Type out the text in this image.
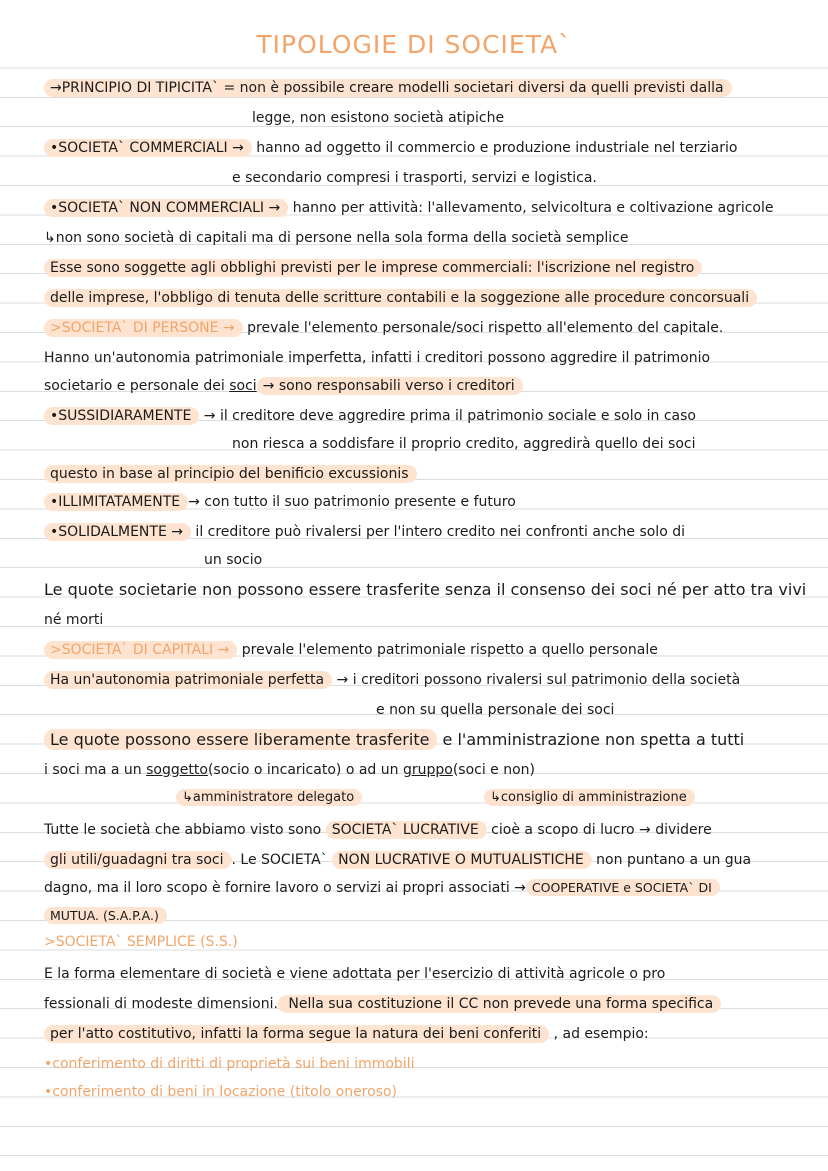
TIPOLOGIE DI SOCIETA`
→PRINCIPIO DI TIPICITA` = non è possibile creare modelli societari diversi da quelli previsti dalla
legge, non esistono società atipiche
•SOCIETA` COMMERCIALI → hanno ad oggetto il commercio e produzione industriale nel terziario
e secondario compresi i trasporti, servizi e logistica.
•SOCIETA` NON COMMERCIALI → hanno per attività: l'allevamento, selvicoltura e coltivazione agricole
↳non sono società di capitali ma di persone nella sola forma della società semplice
Esse sono soggette agli obblighi previsti per le imprese commerciali: l'iscrizione nel registro
delle imprese, l'obbligo di tenuta delle scritture contabili e la soggezione alle procedure concorsuali
>SOCIETA` DI PERSONE → prevale l'elemento personale/soci rispetto all'elemento del capitale.
Hanno un'autonomia patrimoniale imperfetta, infatti i creditori possono aggredire il patrimonio
societario e personale dei soci → sono responsabili verso i creditori
•SUSSIDIARAMENTE → il creditore deve aggredire prima il patrimonio sociale e solo in caso
non riesca a soddisfare il proprio credito, aggredirà quello dei soci
questo in base al principio del benificio excussionis
•ILLIMITATAMENTE → con tutto il suo patrimonio presente e futuro
•SOLIDALMENTE → il creditore può rivalersi per l'intero credito nei confronti anche solo di
un socio
Le quote societarie non possono essere trasferite senza il consenso dei soci né per atto tra vivi
né morti
>SOCIETA` DI CAPITALI → prevale l'elemento patrimoniale rispetto a quello personale
Ha un'autonomia patrimoniale perfetta → i creditori possono rivalersi sul patrimonio della società
e non su quella personale dei soci
Le quote possono essere liberamente trasferite e l'amministrazione non spetta a tutti
i soci ma a un soggetto(socio o incaricato) o ad un gruppo(soci e non)
↳amministratore delegato	↳consiglio di amministrazione
Tutte le società che abbiamo visto sono SOCIETA` LUCRATIVE cioè a scopo di lucro → dividere
gli utili/guadagni tra soci . Le SOCIETA` NON LUCRATIVE O MUTUALISTICHE non puntano a un gua
dagno, ma il loro scopo è fornire lavoro o servizi ai propri associati → COOPERATIVE e SOCIETA` DI
MUTUA. (S.A.P.A.)
>SOCIETA` SEMPLICE (S.S.)
E la forma elementare di società e viene adottata per l'esercizio di attività agricole o pro
fessionali di modeste dimensioni. Nella sua costituzione il CC non prevede una forma specifica
per l'atto costitutivo, infatti la forma segue la natura dei beni conferiti , ad esempio:
•conferimento di diritti di proprietà sui beni immobili
•conferimento di beni in locazione (titolo oneroso)
